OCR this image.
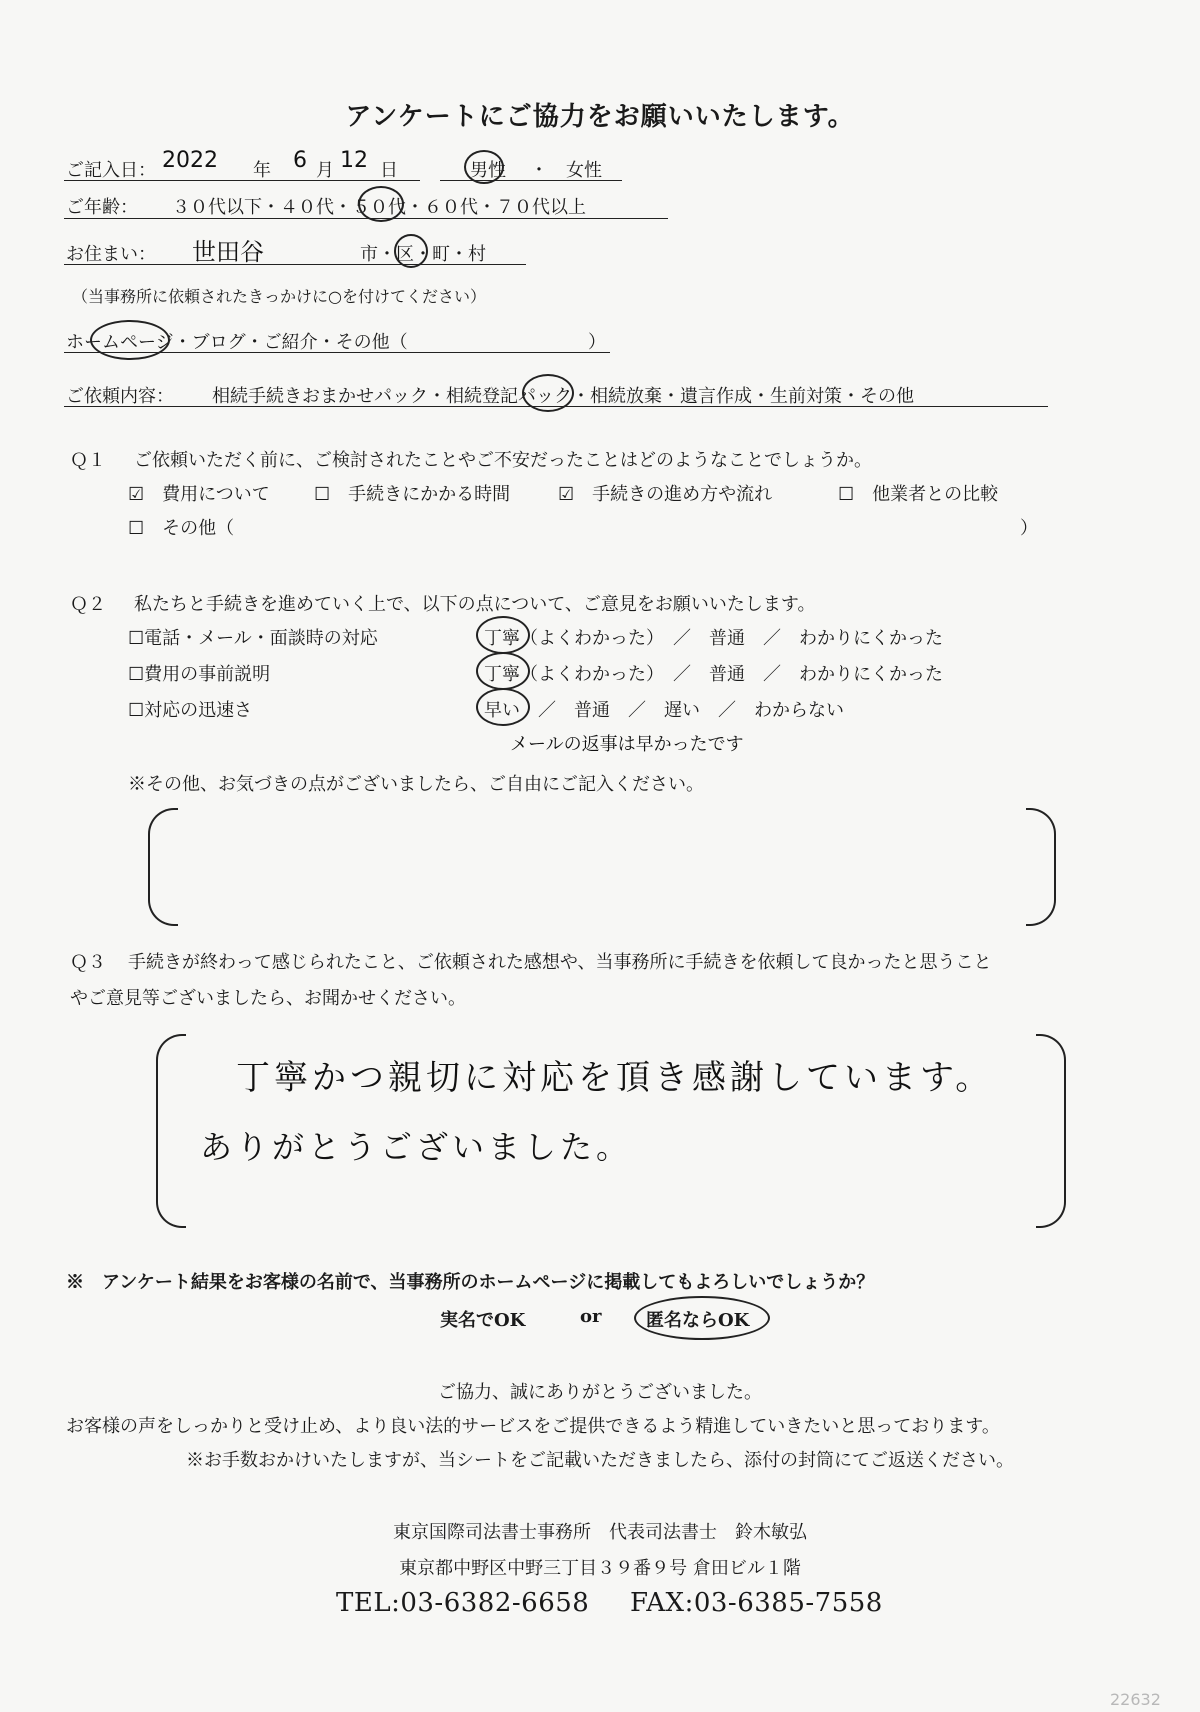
アンケートにご協力をお願いいたします。
ご記入日： 2022 年 6 月 12 日	男性 ・ 女性
ご年齢： ３０代以下・４０代・５０代・６０代・７０代以上
お住まい： 世田谷	市・区・町・村
（当事務所に依頼されたきっかけに○を付けてください）
ホームページ・ブログ・ご紹介・その他（	）
ご依頼内容： 相続手続きおまかせパック・相続登記パック・相続放棄・遺言作成・生前対策・その他
Ｑ１ ご依頼いただく前に、ご検討されたことやご不安だったことはどのようなことでしょうか。
☑　 費用について ☐　 手続きにかかる時間	☑　 手続きの進め方や流れ	☐　 他業者との比較
☐　 その他（	）
Ｑ２ 私たちと手続きを進めていく上で、以下の点について、ご意見をお願いいたします。
☐電話・メール・面談時の対応	丁寧（よくわかった）　／　普通　／　わかりにくかった
☐費用の事前説明	丁寧（よくわかった）　／　普通　／　わかりにくかった
☐対応の迅速さ	早い　／　普通　／　遅い　／　わからない
メールの返事は早かったです
※その他、お気づきの点がございましたら、ご自由にご記入ください。
Ｑ３ 手続きが終わって感じられたこと、ご依頼された感想や、当事務所に手続きを依頼して良かったと思うこと
やご意見等ございましたら、お聞かせください。
丁寧かつ親切に対応を頂き感謝しています。
ありがとうございました。
※　アンケート結果をお客様の名前で、当事務所のホームページに掲載してもよろしいでしょうか？
実名でOK	or 匿名ならOK
ご協力、誠にありがとうございました。
お客様の声をしっかりと受け止め、より良い法的サービスをご提供できるよう精進していきたいと思っております。
※お手数おかけいたしますが、当シートをご記載いただきましたら、添付の封筒にてご返送ください。
東京国際司法書士事務所　代表司法書士　鈴木敏弘
東京都中野区中野三丁目３９番９号 倉田ビル１階
TEL:03-6382-6658 FAX:03-6385-7558
22632
